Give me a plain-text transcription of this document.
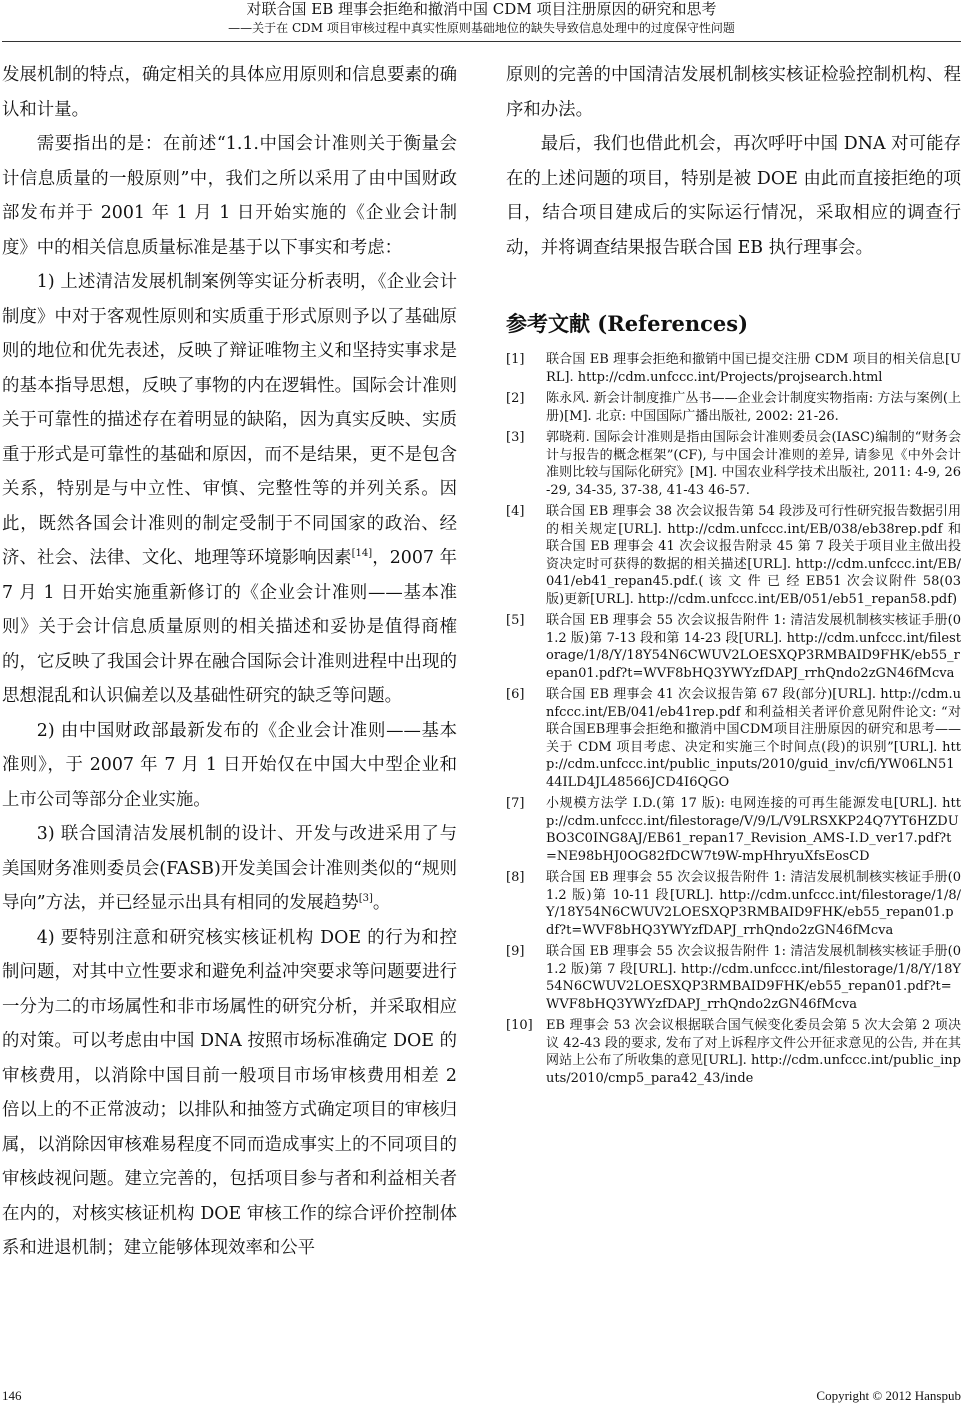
对联合国 EB 理事会拒绝和撤消中国 CDM 项目注册原因的研究和思考
——关于在 CDM 项目审核过程中真实性原则基础地位的缺失导致信息处理中的过度保守性问题

发展机制的特点，确定相关的具体应用原则和信息要素的确认和计量。

需要指出的是：在前述“1.1.中国会计准则关于衡量会计信息质量的一般原则”中，我们之所以采用了由中国财政部发布并于 2001 年 1 月 1 日开始实施的《企业会计制度》中的相关信息质量标准是基于以下事实和考虑：

1) 上述清洁发展机制案例等实证分析表明，《企业会计制度》中对于客观性原则和实质重于形式原则予以了基础原则的地位和优先表述，反映了辩证唯物主义和坚持实事求是的基本指导思想，反映了事物的内在逻辑性。国际会计准则关于可靠性的描述存在着明显的缺陷，因为真实反映、实质重于形式是可靠性的基础和原因，而不是结果，更不是包含关系，特别是与中立性、审慎、完整性等的并列关系。因此，既然各国会计准则的制定受制于不同国家的政治、经济、社会、法律、文化、地理等环境影响因素[14]，2007 年 7 月 1 日开始实施重新修订的《企业会计准则——基本准则》关于会计信息质量原则的相关描述和妥协是值得商榷的，它反映了我国会计界在融合国际会计准则进程中出现的思想混乱和认识偏差以及基础性研究的缺乏等问题。

2) 由中国财政部最新发布的《企业会计准则——基本准则》，于 2007 年 7 月 1 日开始仅在中国大中型企业和上市公司等部分企业实施。

3) 联合国清洁发展机制的设计、开发与改进采用了与美国财务准则委员会(FASB)开发美国会计准则类似的“规则导向”方法，并已经显示出具有相同的发展趋势[3]。

4) 要特别注意和研究核实核证机构 DOE 的行为和控制问题，对其中立性要求和避免利益冲突要求等问题要进行一分为二的市场属性和非市场属性的研究分析，并采取相应的对策。可以考虑由中国 DNA 按照市场标准确定 DOE 的审核费用，以消除中国目前一般项目市场审核费用相差 2 倍以上的不正常波动；以排队和抽签方式确定项目的审核归属，以消除因审核难易程度不同而造成事实上的不同项目的审核歧视问题。建立完善的，包括项目参与者和利益相关者在内的，对核实核证机构 DOE 审核工作的综合评价控制体系和进退机制；建立能够体现效率和公平

原则的完善的中国清洁发展机制核实核证检验控制机构、程序和办法。

最后，我们也借此机会，再次呼吁中国 DNA 对可能存在的上述问题的项目，特别是被 DOE 由此而直接拒绝的项目，结合项目建成后的实际运行情况，采取相应的调查行动，并将调查结果报告联合国 EB 执行理事会。

参考文献 (References)
[1]	联合国 EB 理事会拒绝和撤销中国已提交注册 CDM 项目的相关信息[URL]. http://cdm.unfccc.int/Projects/projsearch.html
[2]	陈永风. 新会计制度推广丛书——企业会计制度实物指南: 方法与案例(上册)[M]. 北京: 中国国际广播出版社, 2002: 21-26.
[3]	郭晓莉. 国际会计准则是指由国际会计准则委员会(IASC)编制的“财务会计与报告的概念框架”(CF), 与中国会计准则的差异, 请参见《中外会计准则比较与国际化研究》[M]. 中国农业科学技术出版社, 2011: 4-9, 26-29, 34-35, 37-38, 41-43 46-57.
[4]	联合国 EB 理事会 38 次会议报告第 54 段涉及可行性研究报告数据引用的相关规定[URL]. http://cdm.unfccc.int/EB/038/eb38rep.pdf 和联合国 EB 理事会 41 次会议报告附录 45 第 7 段关于项目业主做出投资决定时可获得的数据的相关描述[URL]. http://cdm.unfccc.int/EB/041/eb41_repan45.pdf.( 该 文 件 已 经 EB51 次会议附件 58(03 版)更新[URL]. http://cdm.unfccc.int/EB/051/eb51_repan58.pdf)
[5]	联合国 EB 理事会 55 次会议报告附件 1: 清洁发展机制核实核证手册(01.2 版)第 7-13 段和第 14-23 段[URL]. http://cdm.unfccc.int/filestorage/1/8/Y/18Y54N6CWUV2LOESXQP3RMBAID9FHK/eb55_repan01.pdf?t=WVF8bHQ3YWYzfDAPJ_rrhQndo2zGN46fMcva
[6]	联合国 EB 理事会 41 次会议报告第 67 段(部分)[URL]. http://cdm.unfccc.int/EB/041/eb41rep.pdf 和利益相关者评价意见附件论文: “对联合国EB理事会拒绝和撤消中国CDM项目注册原因的研究和思考——关于 CDM 项目考虑、决定和实施三个时间点(段)的识别”[URL]. http://cdm.unfccc.int/public_inputs/2010/guid_inv/cfi/YW06LN5144ILD4JL48566JCD4I6QGO
[7]	小规模方法学 I.D.(第 17 版): 电网连接的可再生能源发电[URL]. http://cdm.unfccc.int/filestorage/V/9/L/V9LRSXKP24Q7YT6HZDUBO3C0ING8AJ/EB61_repan17_Revision_AMS-I.D_ver17.pdf?t=NE98bHJ0OG82fDCW7t9W-mpHhryuXfsEosCD
[8]	联合国 EB 理事会 55 次会议报告附件 1: 清洁发展机制核实核证手册(01.2 版)第 10-11 段[URL]. http://cdm.unfccc.int/filestorage/1/8/Y/18Y54N6CWUV2LOESXQP3RMBAID9FHK/eb55_repan01.pdf?t=WVF8bHQ3YWYzfDAPJ_rrhQndo2zGN46fMcva
[9]	联合国 EB 理事会 55 次会议报告附件 1: 清洁发展机制核实核证手册(01.2 版)第 7 段[URL]. http://cdm.unfccc.int/filestorage/1/8/Y/18Y54N6CWUV2LOESXQP3RMBAID9FHK/eb55_repan01.pdf?t=WVF8bHQ3YWYzfDAPJ_rrhQndo2zGN46fMcva
[10]	EB 理事会 53 次会议根据联合国气候变化委员会第 5 次大会第 2 项决议 42-43 段的要求, 发布了对上诉程序文件公开征求意见的公告, 并在其网站上公布了所收集的意见[URL]. http://cdm.unfccc.int/public_inputs/2010/cmp5_para42_43/inde
146	Copyright © 2012 Hanspub
